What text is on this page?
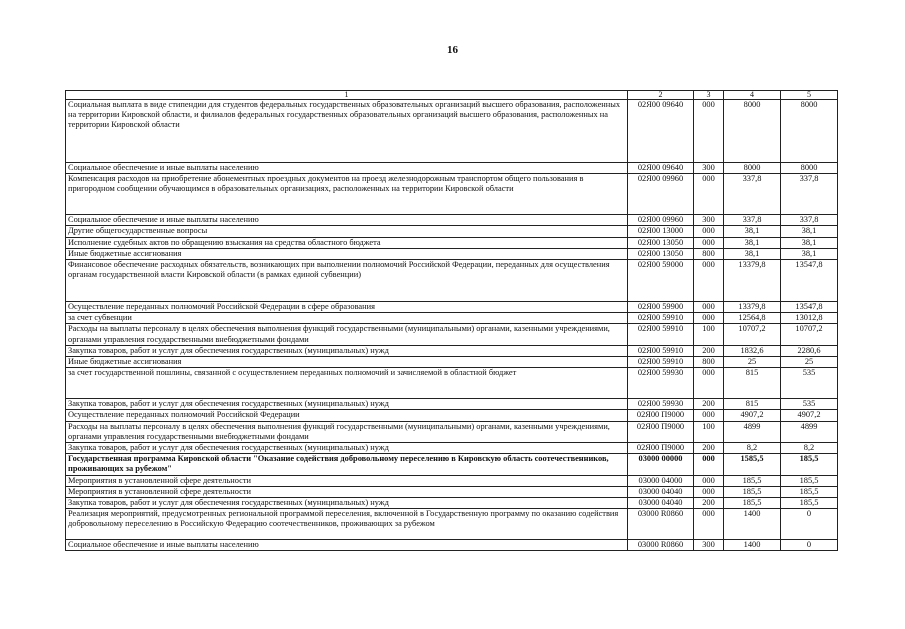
16
1	2	3	4	5
Социальная выплата в виде стипендии для студентов федеральных государственных образовательных организаций высшего образования, расположенных на территории Кировской области, и филиалов федеральных государственных образовательных организаций высшего образования, расположенных на территории Кировской области	02Я00 09640	000	8000	8000
Социальное обеспечение и иные выплаты населению	02Я00 09640	300	8000	8000
Компенсация расходов на приобретение абонементных проездных документов на проезд железнодорожным транспортом общего пользования в пригородном сообщении обучающимся в образовательных организациях, расположенных на территории Кировской области	02Я00 09960	000	337,8	337,8
Социальное обеспечение и иные выплаты населению	02Я00 09960	300	337,8	337,8
Другие общегосударственные вопросы	02Я00 13000	000	38,1	38,1
Исполнение судебных актов по обращению взыскания на средства областного бюджета	02Я00 13050	000	38,1	38,1
Иные бюджетные ассигнования	02Я00 13050	800	38,1	38,1
Финансовое обеспечение расходных обязательств, возникающих при выполнении полномочий Российской Федерации, переданных для осуществления органам государственной власти Кировской области (в рамках единой субвенции)	02Я00 59000	000	13379,8	13547,8
Осуществление переданных полномочий Российской Федерации в сфере образования	02Я00 59900	000	13379,8	13547,8
за счет субвенции	02Я00 59910	000	12564,8	13012,8
Расходы на выплаты персоналу в целях обеспечения выполнения функций государственными (муниципальными) органами, казенными учреждениями, органами управления государственными внебюджетными фондами	02Я00 59910	100	10707,2	10707,2
Закупка товаров, работ и услуг для обеспечения государственных (муниципальных) нужд	02Я00 59910	200	1832,6	2280,6
Иные бюджетные ассигнования	02Я00 59910	800	25	25
за счет государственной пошлины, связанной с осуществлением переданных полномочий и зачисляемой в областной бюджет	02Я00 59930	000	815	535
Закупка товаров, работ и услуг для обеспечения государственных (муниципальных) нужд	02Я00 59930	200	815	535
Осуществление переданных полномочий Российской Федерации	02Я00 П9000	000	4907,2	4907,2
Расходы на выплаты персоналу в целях обеспечения выполнения функций государственными (муниципальными) органами, казенными учреждениями, органами управления государственными внебюджетными фондами	02Я00 П9000	100	4899	4899
Закупка товаров, работ и услуг для обеспечения государственных (муниципальных) нужд	02Я00 П9000	200	8,2	8,2
Государственная программа Кировской области "Оказание содействия добровольному переселению в Кировскую область соотечественников, проживающих за рубежом"	03000 00000	000	1585,5	185,5
Мероприятия в установленной сфере деятельности	03000 04000	000	185,5	185,5
Мероприятия в установленной сфере деятельности	03000 04040	000	185,5	185,5
Закупка товаров, работ и услуг для обеспечения государственных (муниципальных) нужд	03000 04040	200	185,5	185,5
Реализация мероприятий, предусмотренных региональной программой переселения, включенной в Государственную программу по оказанию содействия добровольному переселению в Российскую Федерацию соотечественников, проживающих за рубежом	03000 R0860	000	1400	0
Социальное обеспечение и иные выплаты населению	03000 R0860	300	1400	0
